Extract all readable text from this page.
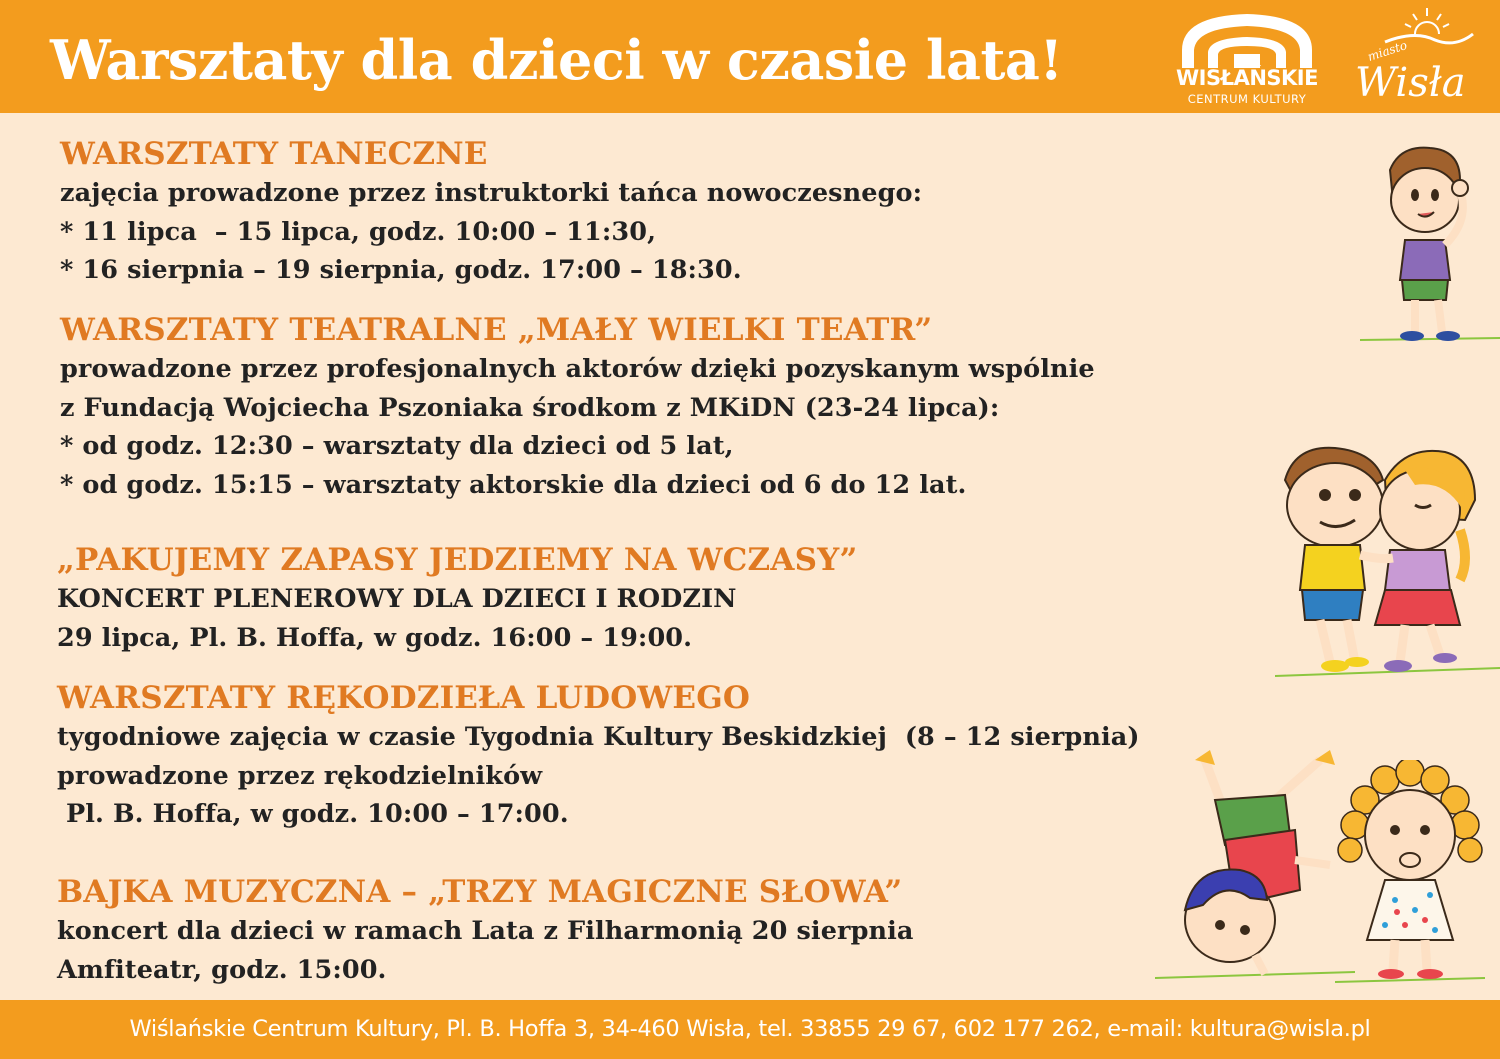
Warsztaty dla dzieci w czasie lata!	WISŁAŃSKIE
CENTRUM KULTURY
miasto
Wisła
WARSZTATY TANECZNE
zajęcia prowadzone przez instruktorki tańca nowoczesnego:
* 11 lipca  – 15 lipca, godz. 10:00 – 11:30,
* 16 sierpnia – 19 sierpnia, godz. 17:00 – 18:30.
WARSZTATY TEATRALNE „MAŁY WIELKI TEATR”
prowadzone przez profesjonalnych aktorów dzięki pozyskanym wspólnie
z Fundacją Wojciecha Pszoniaka środkom z MKiDN (23-24 lipca):
* od godz. 12:30 – warsztaty dla dzieci od 5 lat,
* od godz. 15:15 – warsztaty aktorskie dla dzieci od 6 do 12 lat.
„PAKUJEMY ZAPASY JEDZIEMY NA WCZASY”
KONCERT PLENEROWY DLA DZIECI I RODZIN
29 lipca, Pl. B. Hoffa, w godz. 16:00 – 19:00.
WARSZTATY RĘKODZIEŁA LUDOWEGO
tygodniowe zajęcia w czasie Tygodnia Kultury Beskidzkiej  (8 – 12 sierpnia)
prowadzone przez rękodzielników
Pl. B. Hoffa, w godz. 10:00 – 17:00.
BAJKA MUZYCZNA – „TRZY MAGICZNE SŁOWA”
koncert dla dzieci w ramach Lata z Filharmonią 20 sierpnia
Amfiteatr, godz. 15:00.
Wiślańskie Centrum Kultury, Pl. B. Hoffa 3, 34-460 Wisła, tel. 33855 29 67, 602 177 262, e-mail: kultura@wisla.pl
